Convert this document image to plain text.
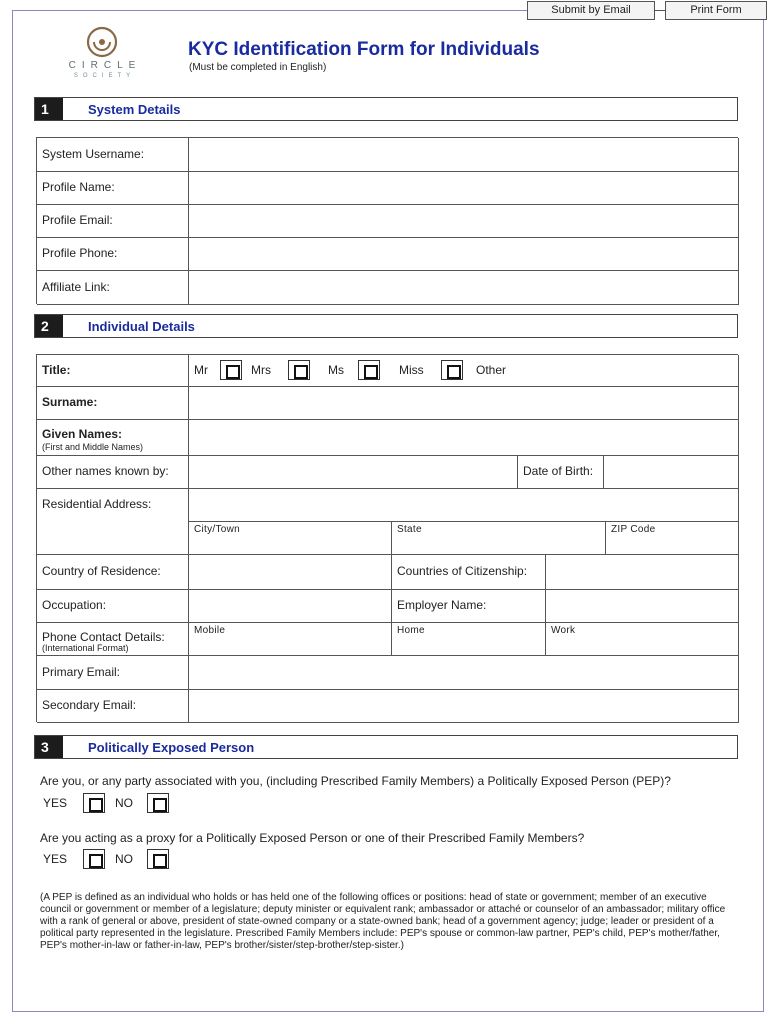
Submit by Email	Print Form
CIRCLE
SOCIETY
KYC Identification Form for Individuals
(Must be completed in English)
1	System Details
System Username:
Profile Name:
Profile Email:
Profile Phone:
Affiliate Link:
2	Individual Details
Title:	Mr	Mrs	Ms	Miss	Other
Surname:
Given Names:
(First and Middle Names)
Other names known by:	Date of Birth:
Residential Address:
City/Town	State	ZIP Code
Country of Residence:	Countries of Citizenship:
Occupation:	Employer Name:
Phone Contact Details:
(International Format)
Mobile	Home	Work
Primary Email:
Secondary Email:
3	Politically Exposed Person
Are you, or any party associated with you, (including Prescribed Family Members) a Politically Exposed Person (PEP)?
YES	NO
Are you acting as a proxy for a Politically Exposed Person or one of their Prescribed Family Members?
YES	NO
(A PEP is defined as an individual who holds or has held one of the following offices or positions: head of state or government; member of an executive council or government or member of a legislature; deputy minister or equivalent rank; ambassador or attaché or counselor of an ambassador; military office with a rank of general or above, president of state-owned company or a state-owned bank; head of a government agency; judge; leader or president of a political party represented in the legislature. Prescribed Family Members include: PEP's spouse or common-law partner, PEP's child, PEP's mother/father, PEP's mother-in-law or father-in-law, PEP's brother/sister/step-brother/step-sister.)
